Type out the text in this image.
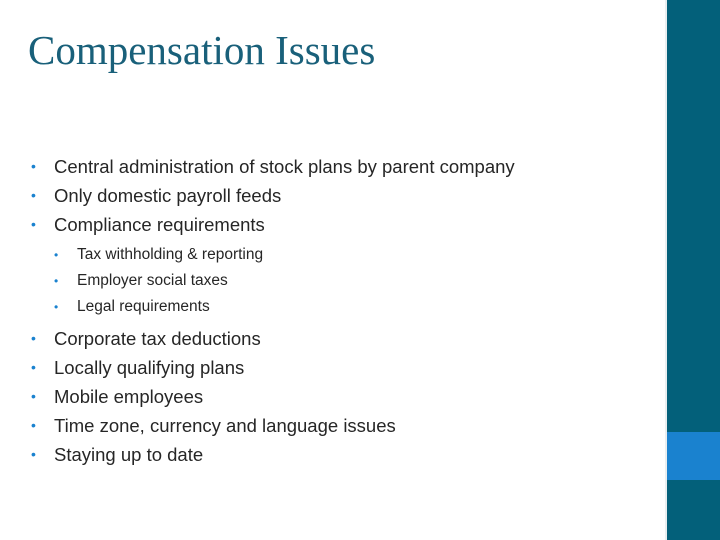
Compensation Issues
• Central administration of stock plans by parent company
• Only domestic payroll feeds
• Compliance requirements
• Tax withholding & reporting
• Employer social taxes
• Legal requirements
• Corporate tax deductions
• Locally qualifying plans
• Mobile employees
• Time zone, currency and language issues
• Staying up to date
